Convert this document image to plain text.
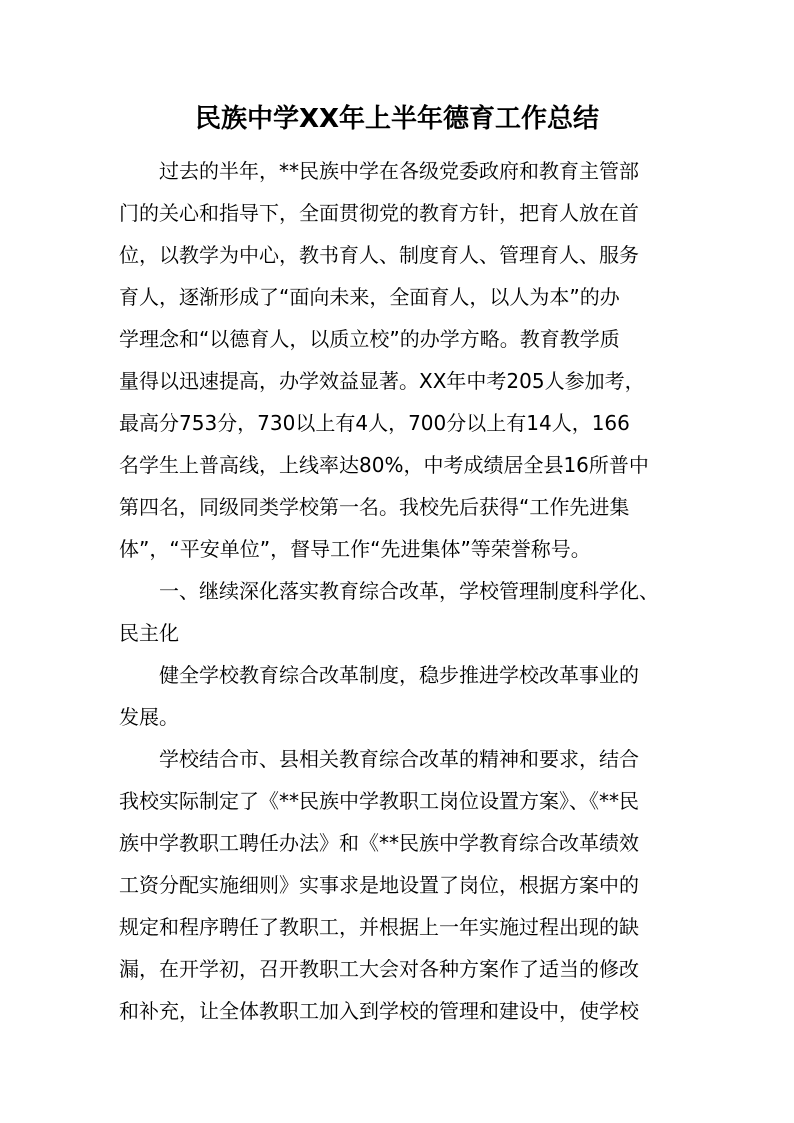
民族中学XX年上半年德育工作总结
过去的半年，**民族中学在各级党委政府和教育主管部
门的关心和指导下，全面贯彻党的教育方针，把育人放在首
位，以教学为中心，教书育人、制度育人、管理育人、服务
育人，逐渐形成了“面向未来，全面育人，以人为本”的办
学理念和“以德育人，以质立校”的办学方略。教育教学质
量得以迅速提高，办学效益显著。XX年中考205人参加考，
最高分753分，730以上有4人，700分以上有14人，166
名学生上普高线，上线率达80%，中考成绩居全县16所普中
第四名，同级同类学校第一名。我校先后获得“工作先进集
体”，“平安单位”，督导工作“先进集体”等荣誉称号。
一、继续深化落实教育综合改革，学校管理制度科学化、
民主化
健全学校教育综合改革制度，稳步推进学校改革事业的
发展。
学校结合市、县相关教育综合改革的精神和要求，结合
我校实际制定了《**民族中学教职工岗位设置方案》、《**民
族中学教职工聘任办法》和《**民族中学教育综合改革绩效
工资分配实施细则》实事求是地设置了岗位，根据方案中的
规定和程序聘任了教职工，并根据上一年实施过程出现的缺
漏，在开学初，召开教职工大会对各种方案作了适当的修改
和补充，让全体教职工加入到学校的管理和建设中，使学校
